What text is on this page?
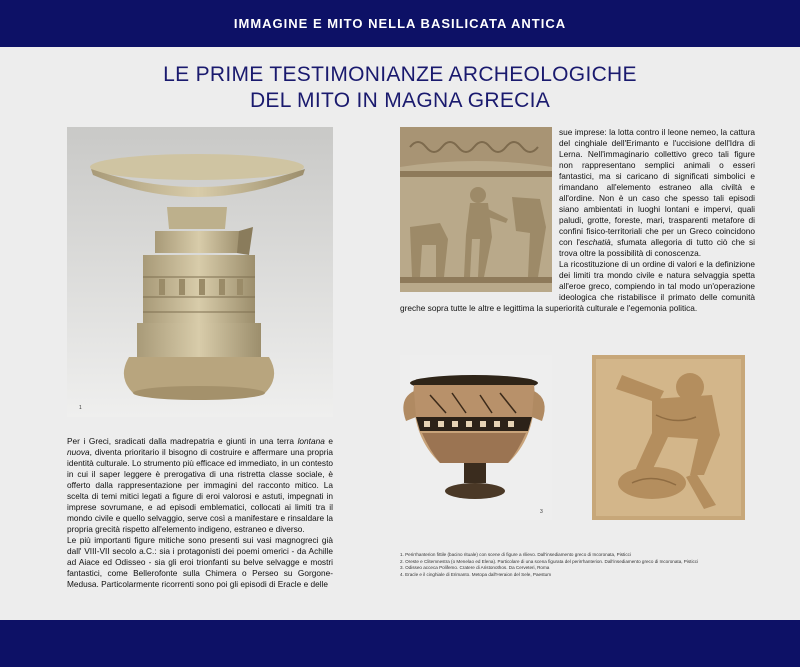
IMMAGINE E MITO NELLA BASILICATA ANTICA
LE PRIME TESTIMONIANZE ARCHEOLOGICHE
DEL MITO IN MAGNA GRECIA
1
3

Per i Greci, sradicati dalla madrepatria e giunti in una terra lontana e nuova, diventa prioritario il bisogno di costruire e affermare una propria identità culturale. Lo strumento più efficace ed immediato, in un contesto in cui il saper leggere è prerogativa di una ristretta classe sociale, è offerto dalla rappresentazione per immagini del racconto mitico. La scelta di temi mitici legati a figure di eroi valorosi e astuti, impegnati in imprese sovrumane, e ad episodi emblematici, collocati ai limiti tra il mondo civile e quello selvaggio, serve così a manifestare e rinsaldare la propria grecità rispetto all'elemento indigeno, estraneo e diverso.

Le più importanti figure mitiche sono presenti sui vasi magnogreci già dall' VIII-VII secolo a.C.: sia i protagonisti dei poemi omerici - da Achille ad Aiace ed Odisseo - sia gli eroi trionfanti su belve selvagge e mostri fantastici, come Bellerofonte sulla Chimera o Perseo su Gorgone-Medusa. Particolarmente ricorrenti sono poi gli episodi di Eracle e delle

sue imprese: la lotta contro il leone nemeo, la cattura del cinghiale dell'Erimanto e l'uccisione dell'Idra di Lerna. Nell'immaginario collettivo greco tali figure non rappresentano semplici animali o esseri fantastici, ma si caricano di significati simbolici e rimandano all'elemento estraneo alla civiltà e all'ordine. Non è un caso che spesso tali episodi siano ambientati in luoghi lontani e impervi, quali paludi, grotte, foreste, mari, trasparenti metafore di confini fisico-territoriali che per un Greco coincidono con l'eschatià, sfumata allegoria di tutto ciò che si trova oltre la possibilità di conoscenza.

La ricostituzione di un ordine di valori e la definizione dei limiti tra mondo civile e natura selvaggia spetta all'eroe greco, compiendo in tal modo un'operazione ideologica che ristabilisce il primato delle comunità greche sopra tutte le altre e legittima la superiorità culturale e l'egemonia politica.

1. Perirrhanterion fittile (bacino rituale) con scene di figure a rilievo. Dall'insediamento greco di Incoronata, Pisticci
2. Oreste e Clitemnestra (o Menelao ed Elena). Particolare di una scena figurata del perirrhanterion. Dall'insediamento greco di Incoronata, Pisticci
3. Odisseo acceca Polifemo. Cratere di Aristonothos. Da Cerveteri, Roma
4. Eracle e il cinghiale di Erimanto. Metopa dall'Heraion del Sele, Paestum
